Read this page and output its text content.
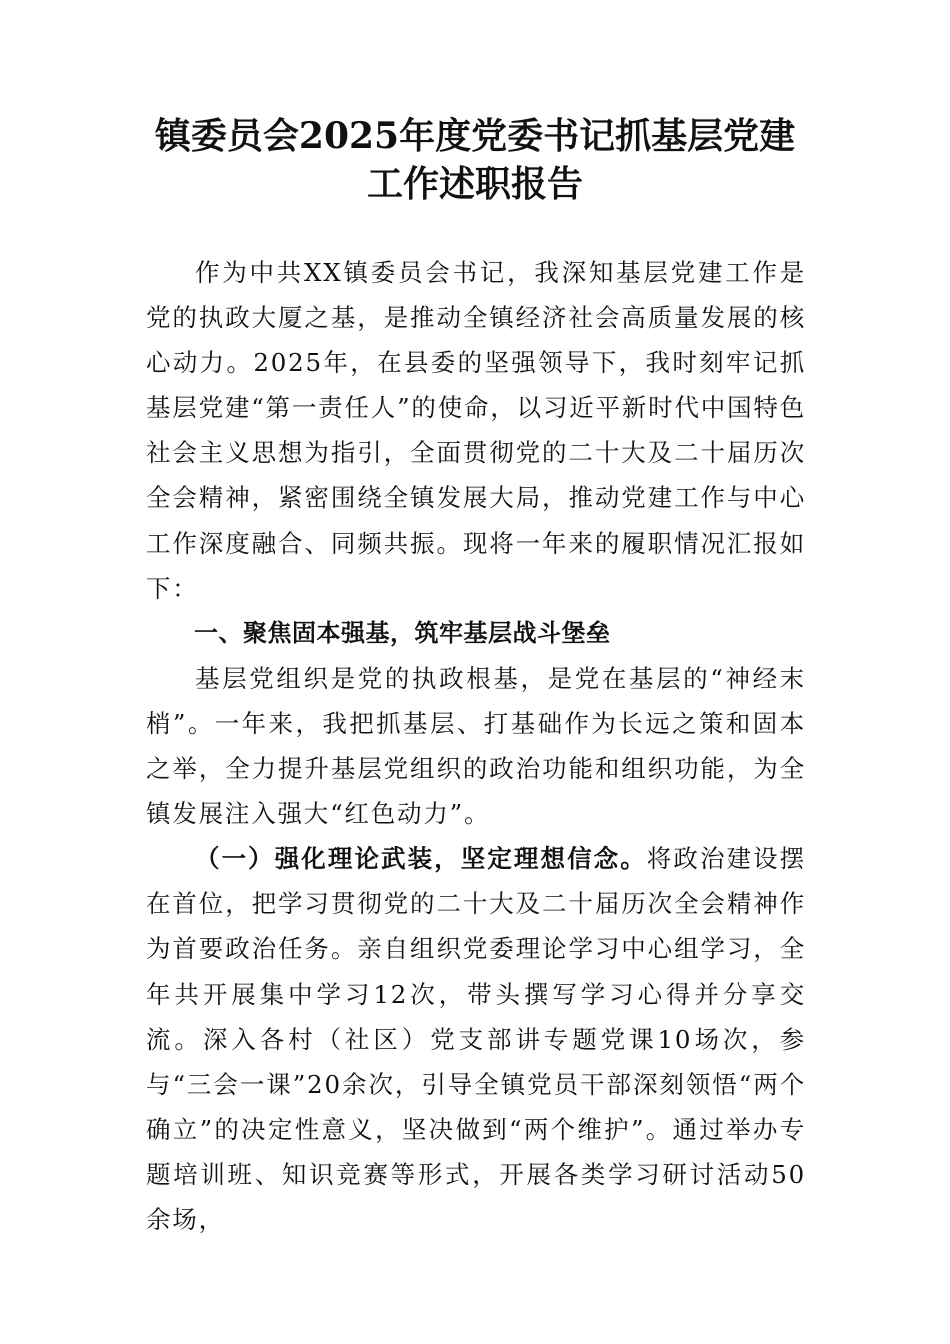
镇委员会2025年度党委书记抓基层党建工作述职报告

作为中共XX镇委员会书记，我深知基层党建工作是党的执政大厦之基，是推动全镇经济社会高质量发展的核心动力。2025年，在县委的坚强领导下，我时刻牢记抓基层党建“第一责任人”的使命，以习近平新时代中国特色社会主义思想为指引，全面贯彻党的二十大及二十届历次全会精神，紧密围绕全镇发展大局，推动党建工作与中心工作深度融合、同频共振。现将一年来的履职情况汇报如下：

一、聚焦固本强基，筑牢基层战斗堡垒

基层党组织是党的执政根基，是党在基层的“神经末梢”。一年来，我把抓基层、打基础作为长远之策和固本之举，全力提升基层党组织的政治功能和组织功能，为全镇发展注入强大“红色动力”。

（一）强化理论武装，坚定理想信念。将政治建设摆在首位，把学习贯彻党的二十大及二十届历次全会精神作为首要政治任务。亲自组织党委理论学习中心组学习，全年共开展集中学习12次，带头撰写学习心得并分享交流。深入各村（社区）党支部讲专题党课10场次，参与“三会一课”20余次，引导全镇党员干部深刻领悟“两个确立”的决定性意义，坚决做到“两个维护”。通过举办专题培训班、知识竞赛等形式，开展各类学习研讨活动50余场，
